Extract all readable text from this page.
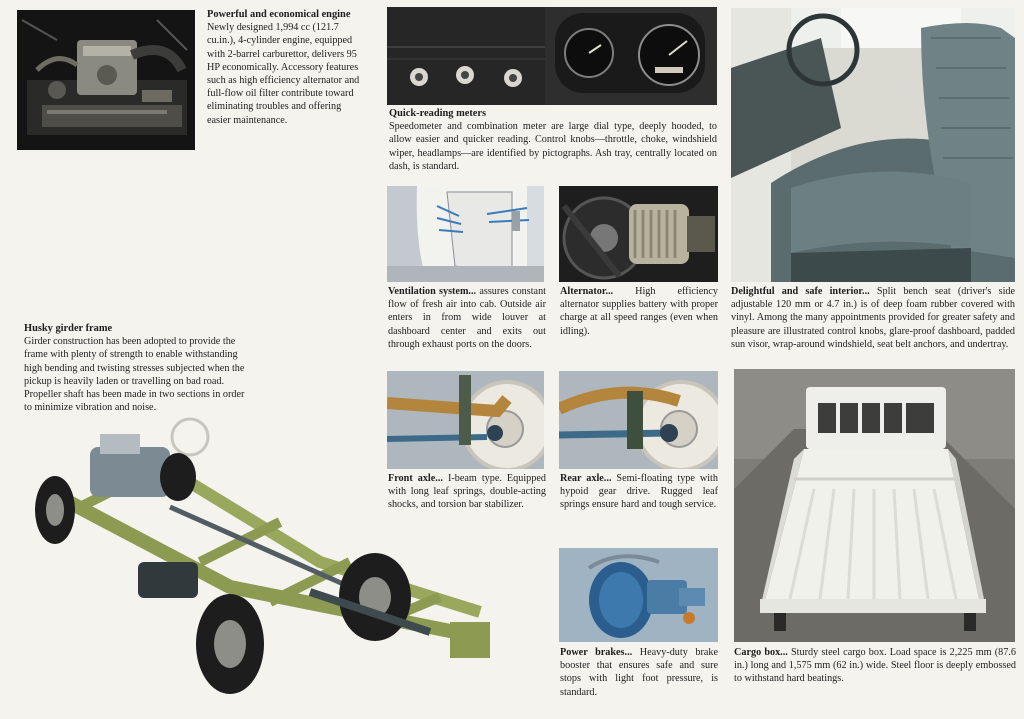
Powerful and economical engine
Newly designed 1,994 cc (121.7 cu.in.), 4-cylinder engine, equipped with 2-barrel carburettor, delivers 95 HP economically. Accessory features such as high efficiency alternator and full-flow oil filter contribute toward eliminating troubles and offering easier maintenance.
Quick-reading meters
Speedometer and combination meter are large dial type, deeply hooded, to allow easier and quicker reading. Control knobs—throttle, choke, windshield wiper, headlamps—are identified by pictographs. Ash tray, centrally located on dash, is standard.
Delightful and safe interior... Split bench seat (driver's side adjustable 120 mm or 4.7 in.) is of deep foam rubber covered with vinyl. Among the many appointments provided for greater safety and pleasure are illustrated control knobs, glare-proof dashboard, padded sun visor, wrap-around windshield, seat belt anchors, and undertray.
Husky girder frame
Girder construction has been adopted to provide the frame with plenty of strength to enable withstanding high bending and twisting stresses subjected when the pickup is heavily laden or travelling on bad road. Propeller shaft has been made in two sections in order to minimize vibration and noise.
Ventilation system... assures constant flow of fresh air into cab. Outside air enters in from wide louver at dashboard center and exits out through exhaust ports on the doors.
Alternator... High efficiency alternator supplies battery with proper charge at all speed ranges (even when idling).
Front axle... I-beam type. Equipped with long leaf springs, double-acting shocks, and torsion bar stabilizer.
Rear axle... Semi-floating type with hypoid gear drive. Rugged leaf springs ensure hard and tough service.
Power brakes... Heavy-duty brake booster that ensures safe and sure stops with light foot pressure, is standard.
Cargo box... Sturdy steel cargo box. Load space is 2,225 mm (87.6 in.) long and 1,575 mm (62 in.) wide. Steel floor is deeply embossed to withstand hard beatings.
